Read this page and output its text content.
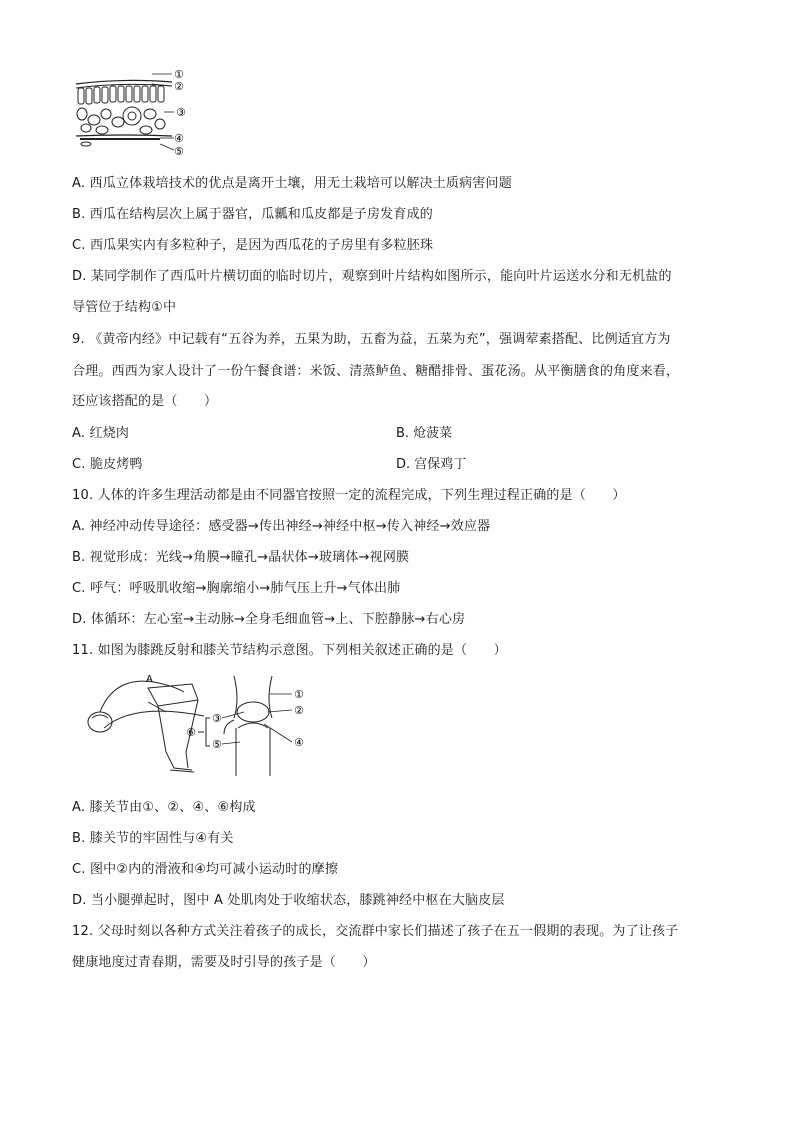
①
②
③
④
⑤
A. 西瓜立体栽培技术的优点是离开土壤，用无土栽培可以解决土质病害问题
B. 西瓜在结构层次上属于器官，瓜瓤和瓜皮都是子房发育成的
C. 西瓜果实内有多粒种子，是因为西瓜花的子房里有多粒胚珠
D. 某同学制作了西瓜叶片横切面的临时切片，观察到叶片结构如图所示，能向叶片运送水分和无机盐的
导管位于结构①中
9. 《黄帝内经》中记载有“五谷为养，五果为助，五畜为益，五菜为充”，强调荤素搭配、比例适宜方为
合理。西西为家人设计了一份午餐食谱：米饭、清蒸鲈鱼、糖醋排骨、蛋花汤。从平衡膳食的角度来看，
还应该搭配的是（　　）
A. 红烧肉	B. 炝菠菜
C. 脆皮烤鸭	D. 宫保鸡丁
10. 人体的许多生理活动都是由不同器官按照一定的流程完成，下列生理过程正确的是（　　）
A. 神经冲动传导途径：感受器→传出神经→神经中枢→传入神经→效应器
B. 视觉形成：光线→角膜→瞳孔→晶状体→玻璃体→视网膜
C. 呼气：呼吸肌收缩→胸廓缩小→肺气压上升→气体出肺
D. 体循环：左心室→主动脉→全身毛细血管→上、下腔静脉→右心房
11. 如图为膝跳反射和膝关节结构示意图。下列相关叙述正确的是（　　）
A
①
②
③
④
⑤
⑥
A. 膝关节由①、②、④、⑥构成
B. 膝关节的牢固性与④有关
C. 图中②内的滑液和④均可减小运动时的摩擦
D. 当小腿弹起时，图中 A 处肌肉处于收缩状态，膝跳神经中枢在大脑皮层
12. 父母时刻以各种方式关注着孩子的成长，交流群中家长们描述了孩子在五一假期的表现。为了让孩子
健康地度过青春期，需要及时引导的孩子是（　　）
